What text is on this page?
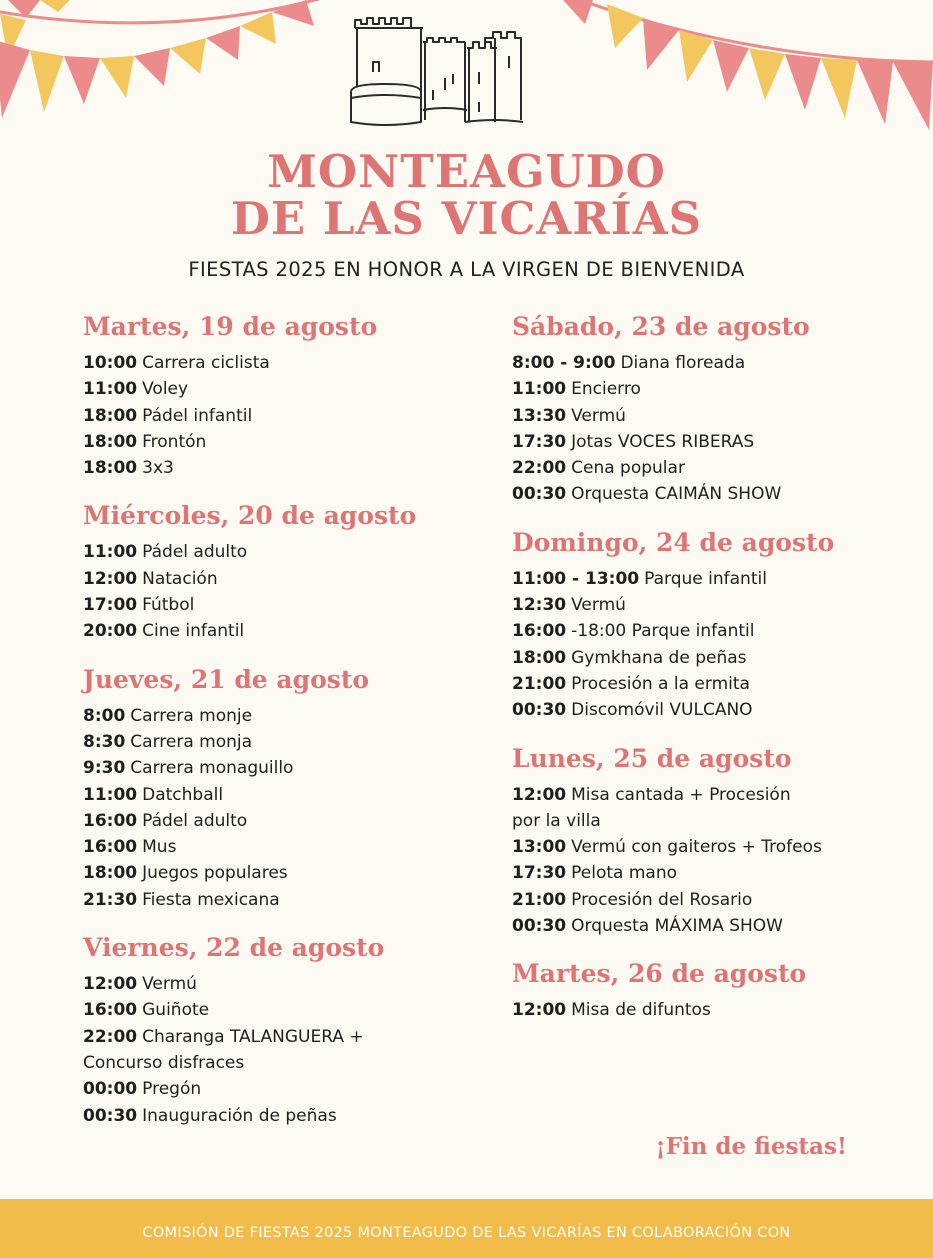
MONTEAGUDO
DE LAS VICARÍAS
FIESTAS 2025 EN HONOR A LA VIRGEN DE BIENVENIDA
Martes, 19 de agosto

10:00 Carrera ciclista

11:00 Voley

18:00 Pádel infantil

18:00 Frontón

18:00 3x3

Miércoles, 20 de agosto

11:00 Pádel adulto

12:00 Natación

17:00 Fútbol

20:00 Cine infantil

Jueves, 21 de agosto

8:00 Carrera monje

8:30 Carrera monja

9:30 Carrera monaguillo

11:00 Datchball

16:00 Pádel adulto

16:00 Mus

18:00 Juegos populares

21:30 Fiesta mexicana

Viernes, 22 de agosto

12:00 Vermú

16:00 Guiñote

22:00 Charanga TALANGUERA + Concurso disfraces

00:00 Pregón

00:30 Inauguración de peñas

Sábado, 23 de agosto

8:00 - 9:00 Diana floreada

11:00 Encierro

13:30 Vermú

17:30 Jotas VOCES RIBERAS

22:00 Cena popular

00:30 Orquesta CAIMÁN SHOW

Domingo, 24 de agosto

11:00 - 13:00 Parque infantil

12:30 Vermú

16:00 -18:00 Parque infantil

18:00 Gymkhana de peñas

21:00 Procesión a la ermita

00:30 Discomóvil VULCANO

Lunes, 25 de agosto

12:00 Misa cantada + Procesión por la villa

13:00 Vermú con gaiteros + Trofeos

17:30 Pelota mano

21:00 Procesión del Rosario

00:30 Orquesta MÁXIMA SHOW

Martes, 26 de agosto

12:00 Misa de difuntos

¡Fin de fiestas!
COMISIÓN DE FIESTAS 2025 MONTEAGUDO DE LAS VICARÍAS EN COLABORACIÓN CON
